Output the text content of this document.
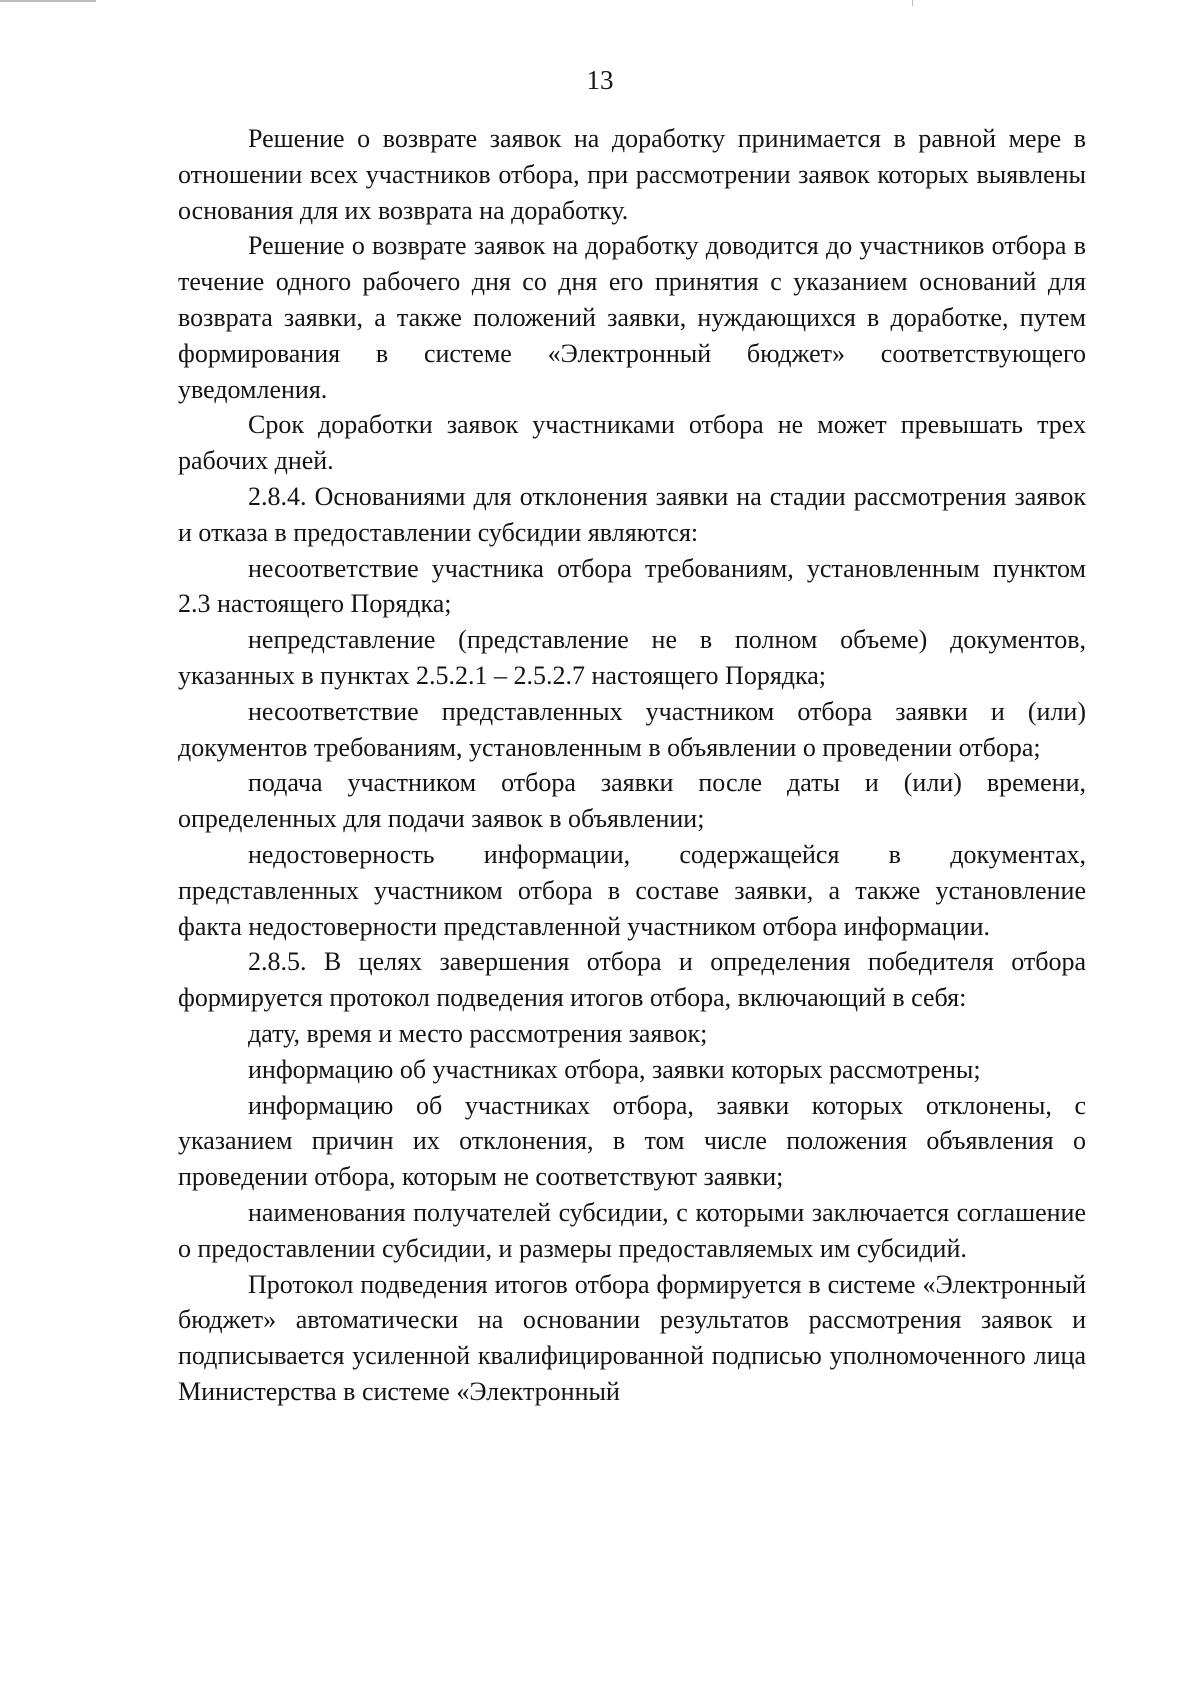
13

Решение о возврате заявок на доработку принимается в равной мере в отношении всех участников отбора, при рассмотрении заявок которых выявлены основания для их возврата на доработку.

Решение о возврате заявок на доработку доводится до участников отбора в течение одного рабочего дня со дня его принятия с указанием оснований для возврата заявки, а также положений заявки, нуждающихся в доработке, путем формирования в системе «Электронный бюджет» соответствующего уведомления.

Срок доработки заявок участниками отбора не может превышать трех рабочих дней.

2.8.4. Основаниями для отклонения заявки на стадии рассмотрения заявок и отказа в предоставлении субсидии являются:

несоответствие участника отбора требованиям, установленным пунктом 2.3 настоящего Порядка;

непредставление (представление не в полном объеме) документов, указанных в пунктах 2.5.2.1 – 2.5.2.7 настоящего Порядка;

несоответствие представленных участником отбора заявки и (или) документов требованиям, установленным в объявлении о проведении отбора;

подача участником отбора заявки после даты и (или) времени, определенных для подачи заявок в объявлении;

недостоверность информации, содержащейся в документах, представленных участником отбора в составе заявки, а также установление факта недостоверности представленной участником отбора информации.

2.8.5. В целях завершения отбора и определения победителя отбора формируется протокол подведения итогов отбора, включающий в себя:

дату, время и место рассмотрения заявок;

информацию об участниках отбора, заявки которых рассмотрены;

информацию об участниках отбора, заявки которых отклонены, с указанием причин их отклонения, в том числе положения объявления о проведении отбора, которым не соответствуют заявки;

наименования получателей субсидии, с которыми заключается соглашение о предоставлении субсидии, и размеры предоставляемых им субсидий.

Протокол подведения итогов отбора формируется в системе «Электронный бюджет» автоматически на основании результатов рассмотрения заявок и подписывается усиленной квалифицированной подписью уполномоченного лица Министерства в системе «Электронный
